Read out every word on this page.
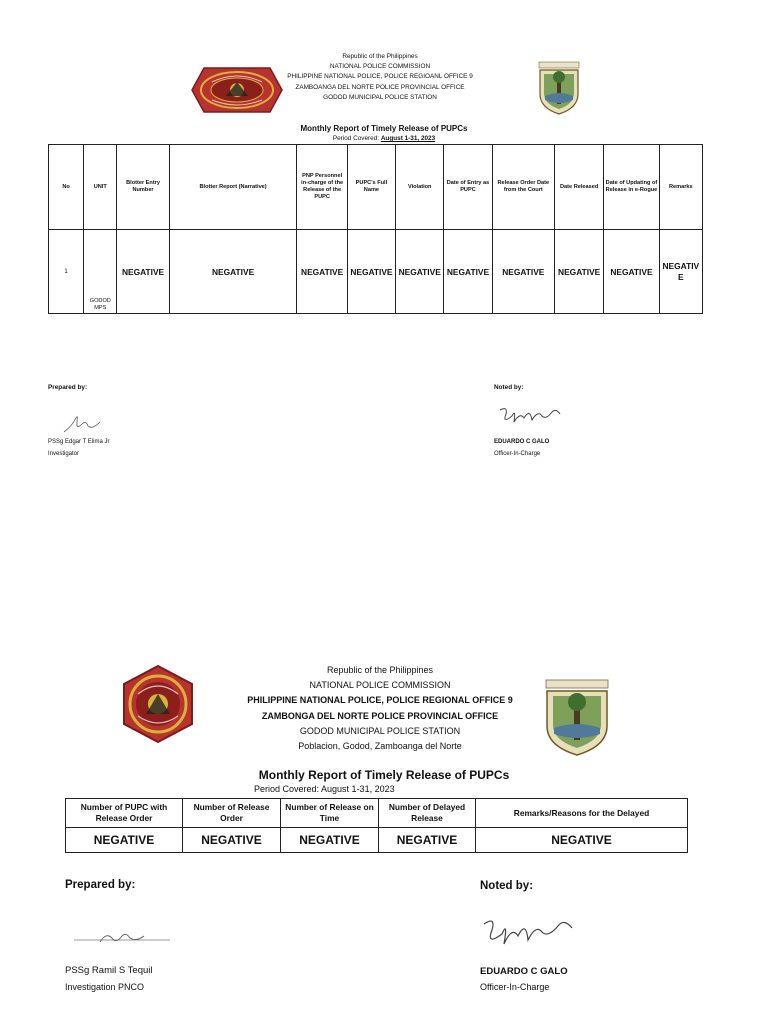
Republic of the Philippines
NATIONAL POLICE COMMISSION
PHILIPPINE NATIONAL POLICE, POLICE REGIOANL OFFICE 9
ZAMBOANGA DEL NORTE POLICE PROVINCIAL OFFICE
GODOD MUNICIPAL POLICE STATION
Monthly Report of Timely Release of PUPCs
Period Covered: August 1-31, 2023
No	UNIT	Blotter Entry Number	Blotter Report (Narrative)	PNP Personnel in-charge of the Release of the PUPC	PUPC's Full Name	Violation	Date of Entry as PUPC	Release Order Date from the Court	Date Released	Date of Updating of Release in e-Rogue	Remarks
1	GODOD MPS	NEGATIVE	NEGATIVE	NEGATIVE	NEGATIVE	NEGATIVE	NEGATIVE	NEGATIVE	NEGATIVE	NEGATIVE	NEGATIVE
Prepared by:
PSSg Edgar T Elima Jr
Investigator
Noted by:
EDUARDO C GALO
Officer-In-Charge
Republic of the Philippines
NATIONAL POLICE COMMISSION
PHILIPPINE NATIONAL POLICE, POLICE REGIONAL OFFICE 9
ZAMBONGA DEL NORTE POLICE PROVINCIAL OFFICE
GODOD MUNICIPAL POLICE STATION
Poblacion, Godod, Zamboanga del Norte
Monthly Report of Timely Release of PUPCs
Period Covered: August 1-31, 2023
Number of PUPC with Release Order	Number of Release Order	Number of Release on Time	Number of Delayed Release	Remarks/Reasons for the Delayed
NEGATIVE	NEGATIVE	NEGATIVE	NEGATIVE	NEGATIVE
Prepared by:
PSSg Ramil S Tequil
Investigation PNCO
Noted by:
EDUARDO C GALO
Officer-In-Charge
